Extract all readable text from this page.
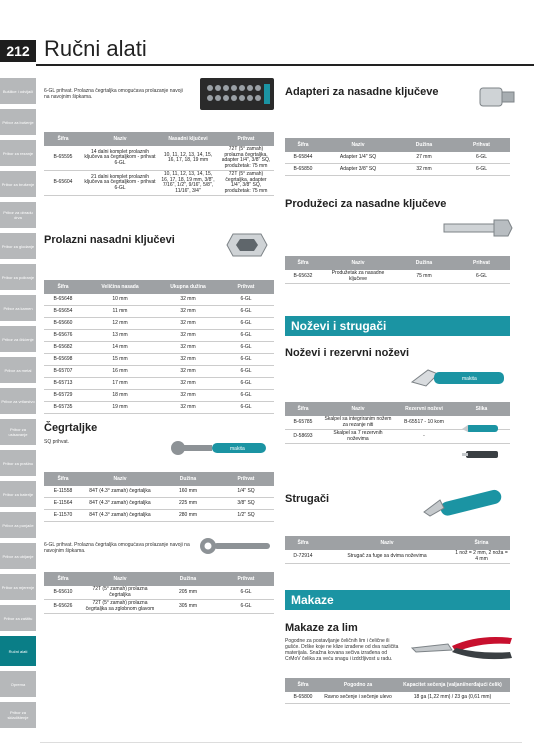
212 Ručni alati
Bušilice i odvijači
Pribor za bušenje
Pribor za rezanje
Pribor za brušenje
Pribor za obradu drva
Pribor za glodanje
Pribor za poliranje
Pribor za kamen
Pribor za čišćenje
Pribor za metal
Pribor za vrtlarstvo
Pribor za usisavanje
Pribor za prašinu
Pribor za baterije
Pribor za punjače
Pribor za ubijanje
Pribor za mjerenje
Pribor za zaštitu
Ručni alati
Oprema
Pribor za skladištenje
6-GL prihvat. Prolazna čegrtaljka omogućava prolazanje navoji na navojnim šipkama.
Šifra	Naziv	Nasadni ključevi	Prihvat
B-65595	14 dalni komplet prolaznih ključeva sa čegrtaljkom - prihvat 6-GL	10, 11, 12, 13, 14, 15, 16, 17, 18, 19 mm	72T (5° zamah) prolazna čegrtaljka, adapter 1/4", 3/8" SQ, produžetak: 75 mm
B-65604	21 dalni komplet prolaznih ključeva sa čegrtaljkom - prihvat 6-GL	10, 11, 12, 13, 14, 15, 16, 17, 18, 19 mm, 3/8", 7/16", 1/2", 9/16", 5/8", 11/16", 3/4"	72T (5° zamah) čegrtaljka, adapter 1/4", 3/8" SQ, produžetak: 75 mm
Prolazni nasadni ključevi
Šifra	Veličina nasada	Ukupna dužina	Prihvat
B-65648	10 mm	32 mm	6-GL
B-65654	11 mm	32 mm	6-GL
B-65660	12 mm	32 mm	6-GL
B-65676	13 mm	32 mm	6-GL
B-65682	14 mm	32 mm	6-GL
B-65698	15 mm	32 mm	6-GL
B-65707	16 mm	32 mm	6-GL
B-65713	17 mm	32 mm	6-GL
B-65729	18 mm	32 mm	6-GL
B-65735	19 mm	32 mm	6-GL
Čegrtaljke
SQ prihvat.
makita
Šifra	Naziv	Dužina	Prihvat
E-11558	84T (4.3° zamah) čegrtaljka	160 mm	1/4" SQ
E-11564	84T (4.3° zamah) čegrtaljka	225 mm	3/8" SQ
E-11570	84T (4.3° zamah) čegrtaljka	280 mm	1/2" SQ
6-GL prihvat. Prolazna čegrtaljka omogućava prolazanje navoji na navojnim šipkama.
Šifra	Naziv	Dužina	Prihvat
B-65610	72T (5° zamah) prolazna čegrtaljka	205 mm	6-GL
B-65626	72T (5° zamah) prolazna čegrtaljka sa zglobnom glavom	305 mm	6-GL
Adapteri za nasadne ključeve
Šifra	Naziv	Dužina	Prihvat
B-65844	Adapter 1/4" SQ	27 mm	6-GL
B-65850	Adapter 3/8" SQ	32 mm	6-GL
Produžeci za nasadne ključeve
Šifra	Naziv	Dužina	Prihvat
B-65632	Produžetak za nasadne ključeve	75 mm	6-GL
Noževi i strugači
Noževi i rezervni noževi
makita
Šifra	Naziv	Rezervni noževi	Slika
B-65785	Skalpel sa integriranim nožem za rezanje niti	B-65517 - 10 kom	
D-58693	Skalpel sa 7 rezervnih noževima	-	
Strugači
Šifra	Naziv	Širina
D-72914	Strugač za fuge sa dvima noževima	1 nož = 2 mm, 2 noža = 4 mm
Makaze
Makaze za lim
Pogodne za postavljanje čeličnih lim i čelične ili gušće. Drške koje ne klize izrađene od dva različita materijala. Snažna kovana sečiva izrađena od CrMoV čelika za veću snagu i izdržljivost u radu.
Šifra	Pogodno za	Kapacitet sečenja (valjani/nerđajući čelik)
B-65800	Ravno sečenje i sečenje ulevo	18 ga (1,22 mm) / 23 ga (0,61 mm)
